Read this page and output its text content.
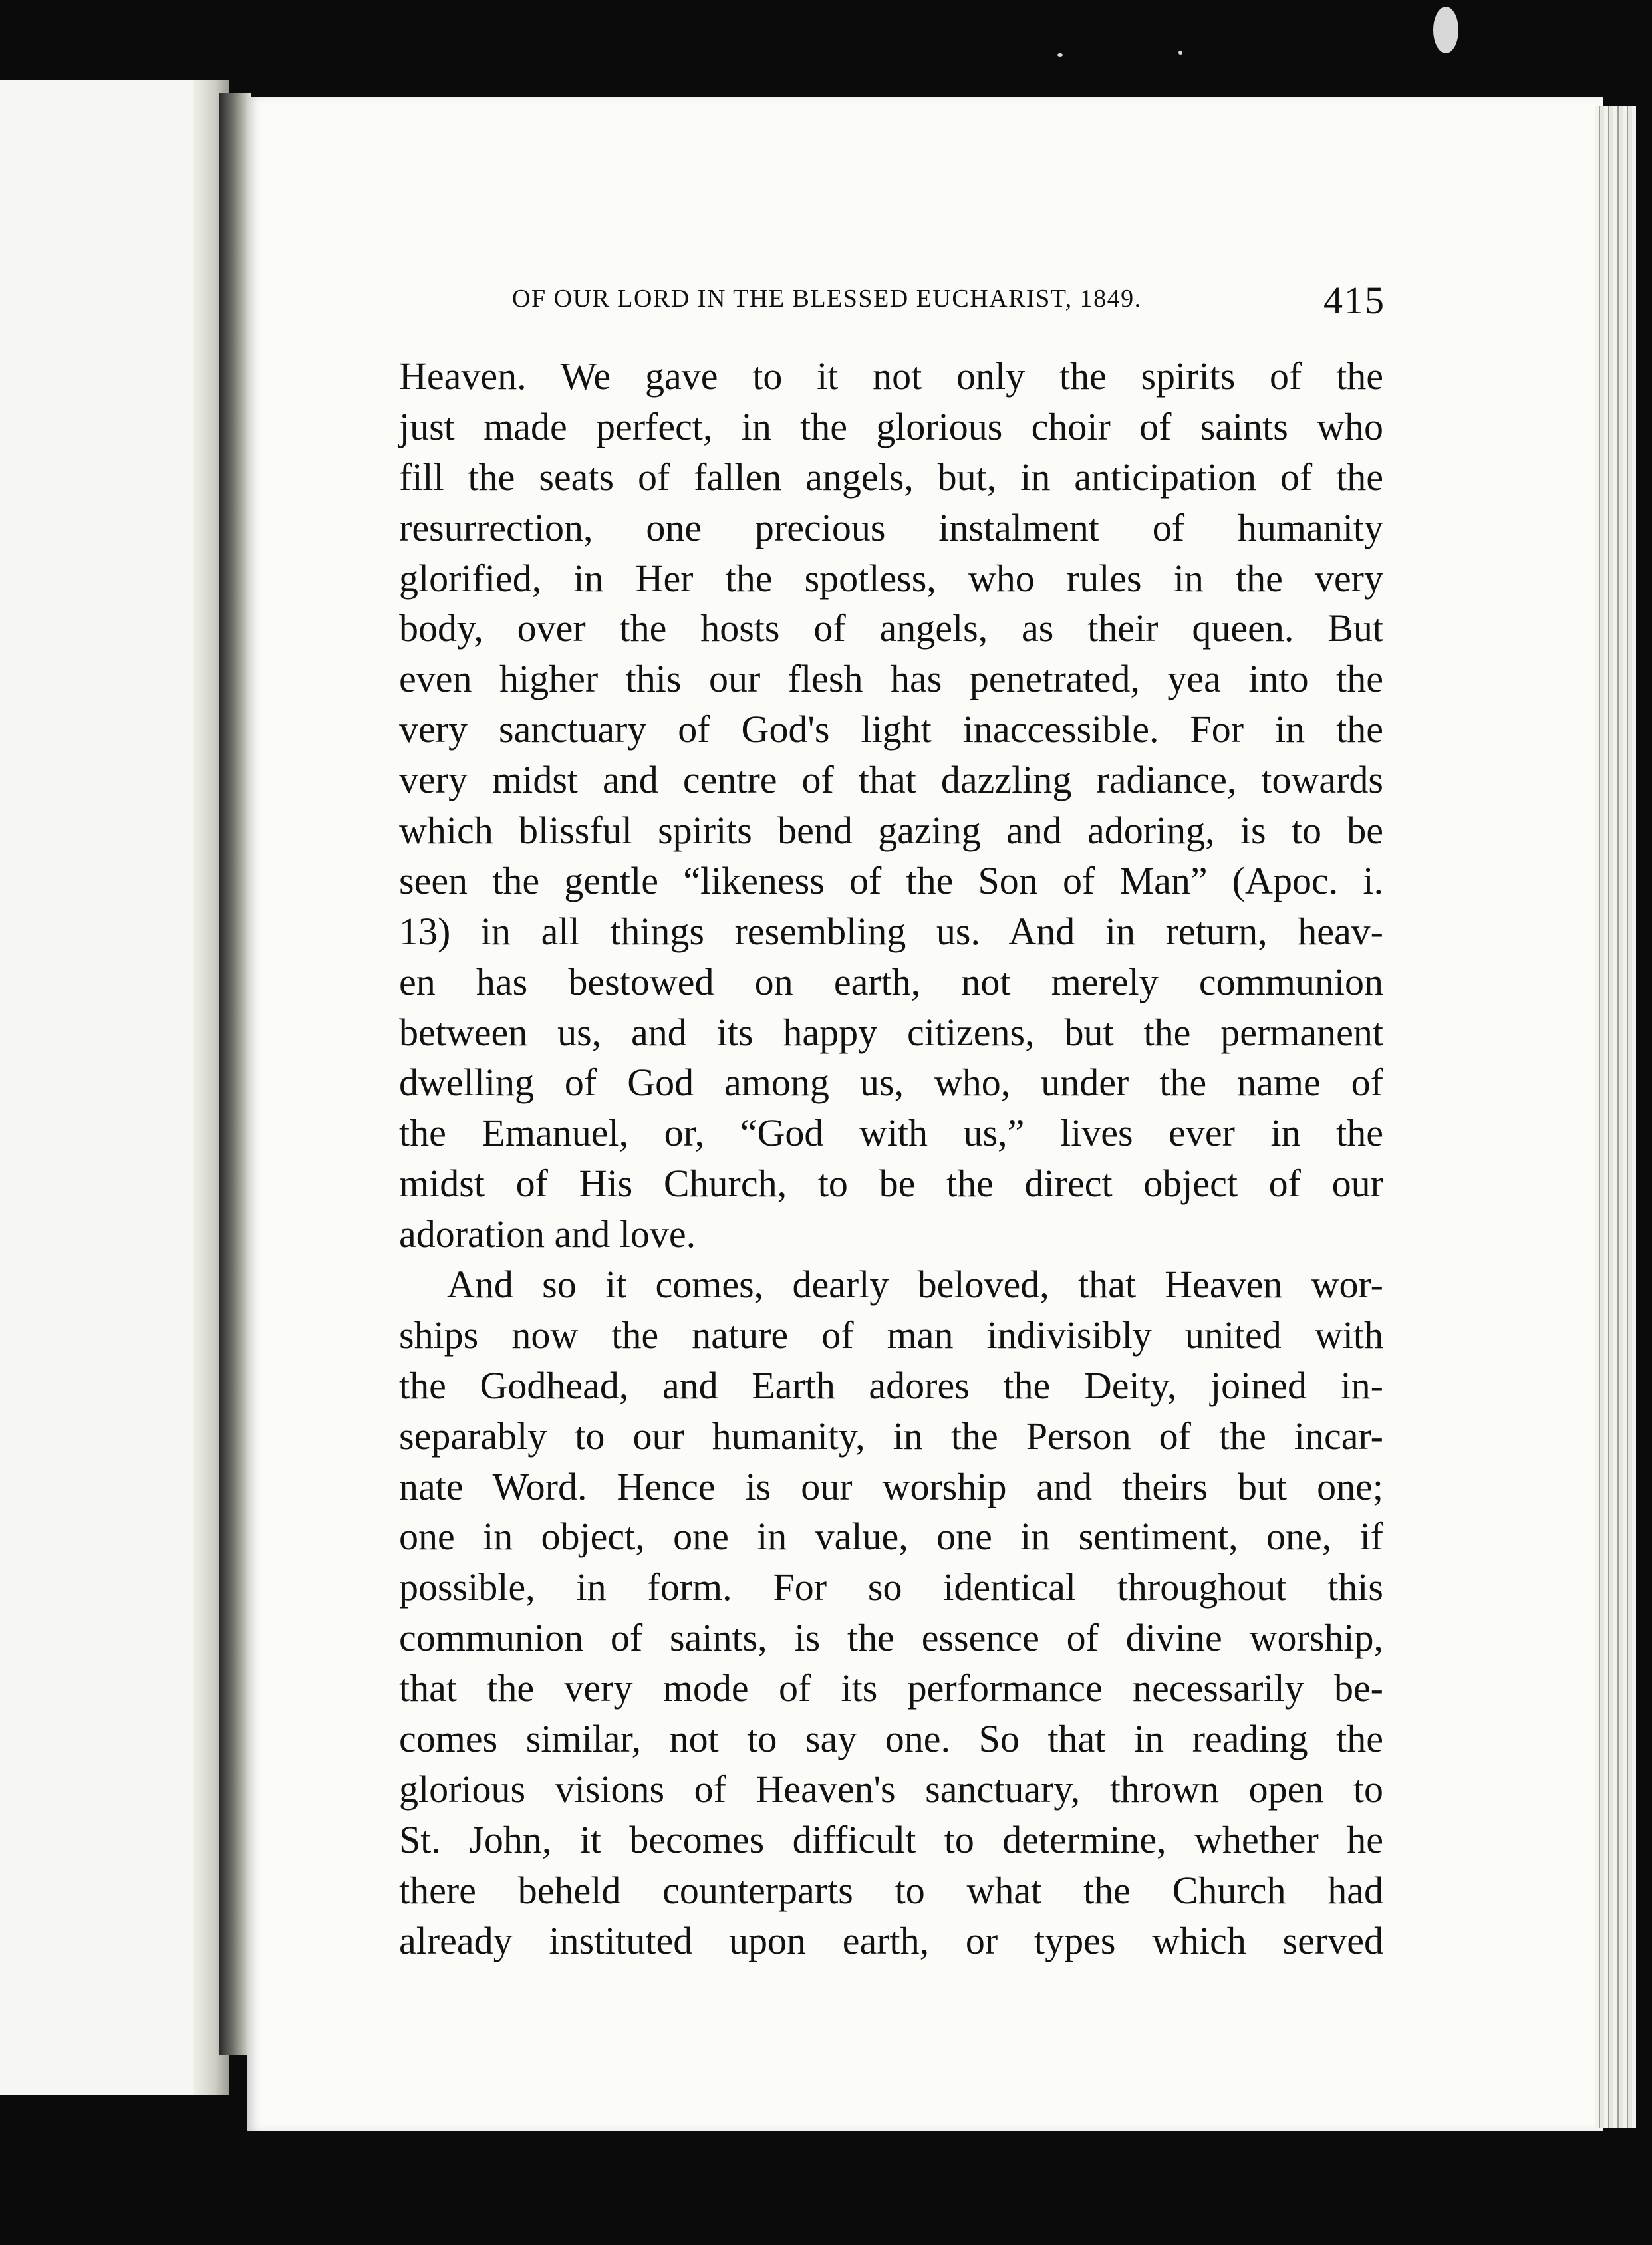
OF OUR LORD IN THE BLESSED EUCHARIST, 1849.	415
Heaven. We gave to it not only the spirits of the
just made perfect, in the glorious choir of saints who
fill the seats of fallen angels, but, in anticipation of the
resurrection, one precious instalment of humanity
glorified, in Her the spotless, who rules in the very
body, over the hosts of angels, as their queen. But
even higher this our flesh has penetrated, yea into the
very sanctuary of God's light inaccessible. For in the
very midst and centre of that dazzling radiance, towards
which blissful spirits bend gazing and adoring, is to be
seen the gentle “likeness of the Son of Man” (Apoc. i.
13) in all things resembling us. And in return, heav-
en has bestowed on earth, not merely communion
between us, and its happy citizens, but the permanent
dwelling of God among us, who, under the name of
the Emanuel, or, “God with us,” lives ever in the
midst of His Church, to be the direct object of our
adoration and love.
And so it comes, dearly beloved, that Heaven wor-
ships now the nature of man indivisibly united with
the Godhead, and Earth adores the Deity, joined in-
separably to our humanity, in the Person of the incar-
nate Word. Hence is our worship and theirs but one;
one in object, one in value, one in sentiment, one, if
possible, in form. For so identical throughout this
communion of saints, is the essence of divine worship,
that the very mode of its performance necessarily be-
comes similar, not to say one. So that in reading the
glorious visions of Heaven's sanctuary, thrown open to
St. John, it becomes difficult to determine, whether he
there beheld counterparts to what the Church had
already instituted upon earth, or types which served
